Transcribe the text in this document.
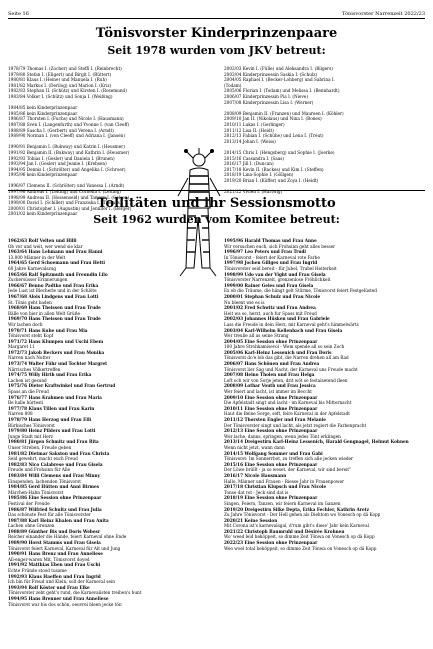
Seite 16	Tönisvorster Narrenzeit 2022/23
Tönisvorster Kinderprinzenpaare
Seit 1978 wurden vom JKV betreut:
1978/79 Thomas I. (Zocher) und Steffi I. (Reinbrecht)
1979/80 Stefan I. (Eligert) und Birgit I. (Rüttert)
1980/81 Klaus I. (Heine) und Manuela I. (Ruh)
1981/82 Markus I. (Derilog) und Marion I. (Kriz)
1982/83 Stephan II. (Schütz) und Kirsten I. (Rosemund)
1983/84 Volker I. (Schütz) und Sonja I. (Weißing)
1984/85 kein Kinderprinzenpaar
1985/86 kein Kinderprinzenpaar
1986/87 Thorsten I. (Fuchs) und Nicole I. (Hausmann)
1987/88 Sven I. (Langenfurth) und Yvonne I. (van Cleeff)
1988/89 Sascha I. (Gerbert) und Verena I. (Arndt)
1989/90 Norman I. (von Cleeff) und Adriana I. (Jansen)
1990/91 Benjamin I. (Bukway) und Katrin I. (Heusmer)
1991/92 Benjamin II. (Bukway) und Kathrin I. (Heusmer)
1992/93 Tobias I. (Gesler) und Daniela I. (Brunen)
1993/94 Jan I. (Gesler) und Jeanie I. (Krebsen)
1994/95 Dennis I. (Schrölter) und Angelika I. (Schroer)
1995/96 kein Kinderprinzenpaar
1996/97 Clemens II. (Schrölter) und Vanessa I. (Arndt)
1997/98 Andreas I. (Leiting) und Cornelia I. (Leiting)
1998/99 Andreas II. (Hossenseld) und Tamara I. (Gelsen)
1999/00 David I. (Schiller) und Franziska I. (Thomas)
2000/01 Christopher I. (Augustin) und Jennifer I. (Berger)
2001/02 kein Kinderprinzenpaar
2002/03 Kevin I. (Fülle) und Aleksandra I. (Bilgers)
2003/04 Kinderprinzessin Saskia I. (Schulz)
2004/05 Raphael I. (Becker-Lohberg) und Sabrina I.
(Todam)
2005/06 Florian I. (Todam) und Melissa I. (Bennhardt)
2006/07 Kinderprinzessin Pia I. (Nieve)
2007/08 Kinderprinzessin Lisa I. (Werner)
2008/09 Benjamin II. (Franzen) und Maureen I. (Köhler)
2009/10 Jan II. (Nikolaus) und Nina I. (Bones)
2010/11 Lukas I. (Gerlinger)
2011/12 Lisa II. (Heidt)
2012/13 Fabian I. (Schühe) und Lena I. (Treut)
2013/14 Johan I. (Weiss)
2014/15 Chris I. (Hengsberg) und Sophie I. (Joerke)
2015/16 Cassandra I. (Saas)
2016/17 Jill I. (Duncan)
2017/18 Kevin II. (Backes) und Kim I. (Steffen)
2018/19 Lina-Sophie I. (Göllgen)
2019/20 Brian I. (Küffer) und Zoya I. (Heidt)
2021/22 Vivien I. (Hartwig)
Tollitäten und ihr Sessionsmotto
Seit 1962 wurden vom Komitee betreut:
1962/63 Rolf Velten und Hilli
Ob vor und weit, wer wend sie klar
1963/64 Hans Lehmann und Frau Hanni
13.000 Männer in der Welt
1964/65 Gerd Schoemann und Frau Hetti
60 Jahre Karnevalszug
1965/66 Ralf Spitzmuth und Freundin Lilo
Zuckersüsser Erinnerungen
1966/67 Benno Padtko und Frau Erika
Jede Lust ist Blecherle und in der Schlöte
1967/68 Alois Lindgens und Frau Lotti
St. Tönis geht baden
1968/69 Hans Theissen und Frau Trude
Bälle von hier in allen Welt Grüße
1969/70 Hans Theissen und Frau Trude
Wir lachen doch
1970/71 Hans Kuhe und Frau Mia
Tönisvorst steht Kopf
1971/72 Hans Klumpen und Uschi Ebem
Margaret 11
1972/73 Jakob Beckers und Frau Monika
Narren nach Nutter
1973/74 Walter Führ und Tochter Margret
Närrisches Völkertreffen
1974/75 Willy Hirth und Frau Erika
Lachen ist gesund
1975/76 Dieter Kraftwinkel und Frau Gertrud
Spass an die Freud
1976/77 Hans Krahmen und Frau Maria
Be halle hürtesti
1977/78 Klaus Tillen und Frau Karin
Narren 808
1978/79 Hans Herzog und Frau Elli
Bürkisches Tönisvorst
1979/80 Heinz Pilders und Frau Lotti
Junge Stadt mit Herz
1980/81 Jürgen Schmitz und Frau Rita
Unser Streben, Freude geben
1981/82 Dietmar Sakston und Frau Christa
Seid gewehrt, macht euch Freud
1982/83 Nico Calabrese und Frau Gisela
Freude und Frohsinn für Alle
1983/84 Willi Clemens und Frau Minny
Einspenden, lachenden Tönisvorst
1984/85 Gerd Hütten und Anni Birmes
Märchen-Hahn Tönisvorst
1985/86 Eine Session ohne Prinzenpaar
Festival der Freude
1986/87 Wilfried Schultz und Frau Julia
Das schönste Fest für alle Tönisvorster
1987/88 Karl Heinz Khalen und Frau Anita
Lachen ohne Grenzen
1988/89 Günther Bis und Doris Webesr
Reicher einander die Hände, feiert Karneval ohne Ende
1989/90 Horst Stamms und Frau Gisela
Tönisvorst feiert Karneval, Karneval für Alt und Jung
1990/91 Hans Brenz und Frau Anneliese
All-enger-waren Mit, Tönisvorst doyed
1991/92 Matthias Eben und Frau Uschi
Echte Fründe stood tusame
1992/93 Klaus Haeffen und Frau Ingrid
Ich bin für Freud und Klein, soll der Karneval sein
1993/94 Rolf Köster und Frau Elke
Tönisvorster zeht geht's rund, die Karnevalisten treiben's bunt
1994/95 Hans Brenner und Frau Anneliese
Tönisvorst war bis dos schön, oeuvrei bleen jecke tön
1995/96 Harald Thomas und Frau Anne
Wir versuchen euch, sich Frohsinn geht alles besser
1996/97 Leo Peters und Frau Trudi
In Tönisvorst - feiert der Karneval rote Farbe
1997/98 Jochen Gillges und Frau Ingrid
Tönisvorster seid bereit - für Jubel, Trubel Heiterkeit
1998/99 Udo van der Vight und Frau Gisela
Tönisvorster Narrenzeit, grenzenlose Fröhlichkeit
1999/00 Rainer Geles und Frau Gisela
Ex ob die Träume, die hängt gelt Stürme, Tönisvorst feiert Festgelüsted
2000/01 Stephan Schulz und Frau Nicole
Nu bleent wie es is
2001/02 Fred Schwitz und Frau Andrea
Heit wa so, herzt, auch fur Spass mit Freud
2002/03 Johannes Hüsken und Frau Gabriele
Lass die Freude in dein Herz, mit Karneval geht's himmelwärts
2003/04 Karl-Wilhelm Kellenbach und Frau Gisela
Wer treulie all as seine Strang
2004/05 Eine Session ohne Prinzenpaar
100 Jahre Strohkamisevol - Wem spende all so sein Zoch
2005/06 Karl-Heinz Lessenich und Frau Doris
Tönisvorst do'e lob das gibt, die Narren drehen all am Rad
2006/07 Hans Schönen und Frau Andrea
Tönisvorst lier Sag und Nacht, der Karneval uns Freude macht
2007/08 Heino Tholen und Frau Helga
Loft och wir von Sorje jeten, drit wöt so festalsetend fleen
2008/09 Lothar Vouth und Frau Jessica
Wer feiert and lacht, ist immer im Beccht
2009/10 Eine Session ohne Prinzenpaar
Die Apfelstadt singt und lacht - im Karneval bis Mitternacht
2010/11 Eine Session ohne Prinzenpaar
Haut die Beine Sorge, seft, feire Karneval in der Apfelstadt
2011/12 Thorsten Engler und Frau Melanie
Der Tönisvorster singt und lacht, als jetzt regiert die Farbenpracht
2012/13 Eine Session ohne Prinzenpaar
Wer lache, danns, springen, wenn jedes Tönt erklingen
2013/14 Dreigestirn Karl-Heinz Lessenich, Harald Gengnagel, Helmut Kohnen
Wenn nicht jetzt, wann dann
2014/15 Wolfgang Sommer und Frau Gabi
Tönisvorst: Im Sonnerrbot, zu treffen sich alle jecken wieder
2015/16 Eine Session ohne Prinzenpaar
Der Löwe brüllt - ja so weset, der Karneval, wir sind bereit"
2016/17 Nicole Hausmann
Hallo, Männer und Frauen - Riesse Jahr in Frauenpower
2017/18 Christian Klupsch und Frau Nicole
Tonse dat rot - Jeck sind dat is
2018/19 Eine Session ohne Prinzenpaar
Singen, Feiern, Tanzen, wir feiern Karneval im Ganzen
2019/20 Dreigestirn Silke Depta, Erika Fechler, Kathrin Aretz
Zu Jahre Tönisvorst - Der Hell gehen als Diehtom wo Vonesch op dä Kopp
2020/21 Keine Session
Mit Corona ist's karnevalsgal, d'rum gibt's diese' Jahr kein Karneval
2021/22 Christoph Baumruhl und Désirée Krohnen
Wo' weed leid heköppeit, so dimme Zeit Tönwa on Vonesch op dä Kopp
2022/23 Eine Session ohne Prinzenpaar
Weo woel total heköppeit, so dimme Zeit Tönwa on Vonesch op dä Kopp
